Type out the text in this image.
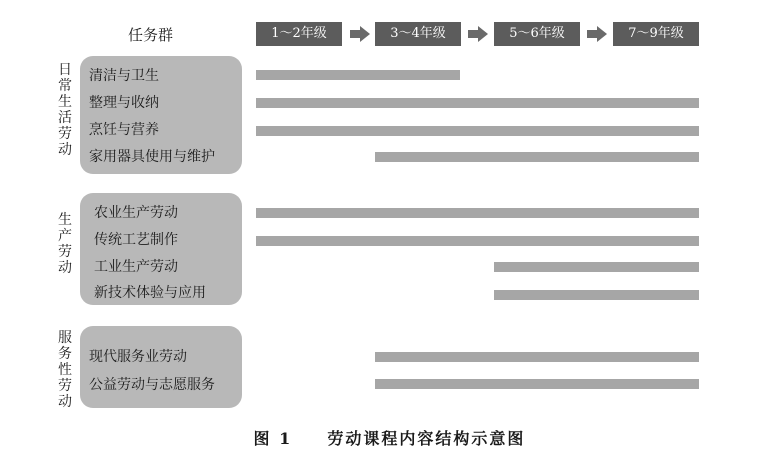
任务群	1～2年级	3～4年级	5～6年级	7～9年级
日
常
生
活
劳
动
清洁与卫生
整理与收纳
烹饪与营养
家用器具使用与维护
生
产
劳
动
农业生产劳动
传统工艺制作
工业生产劳动
新技术体验与应用
服
务
性
劳
动
现代服务业劳动
公益劳动与志愿服务
图 1 劳动课程内容结构示意图
